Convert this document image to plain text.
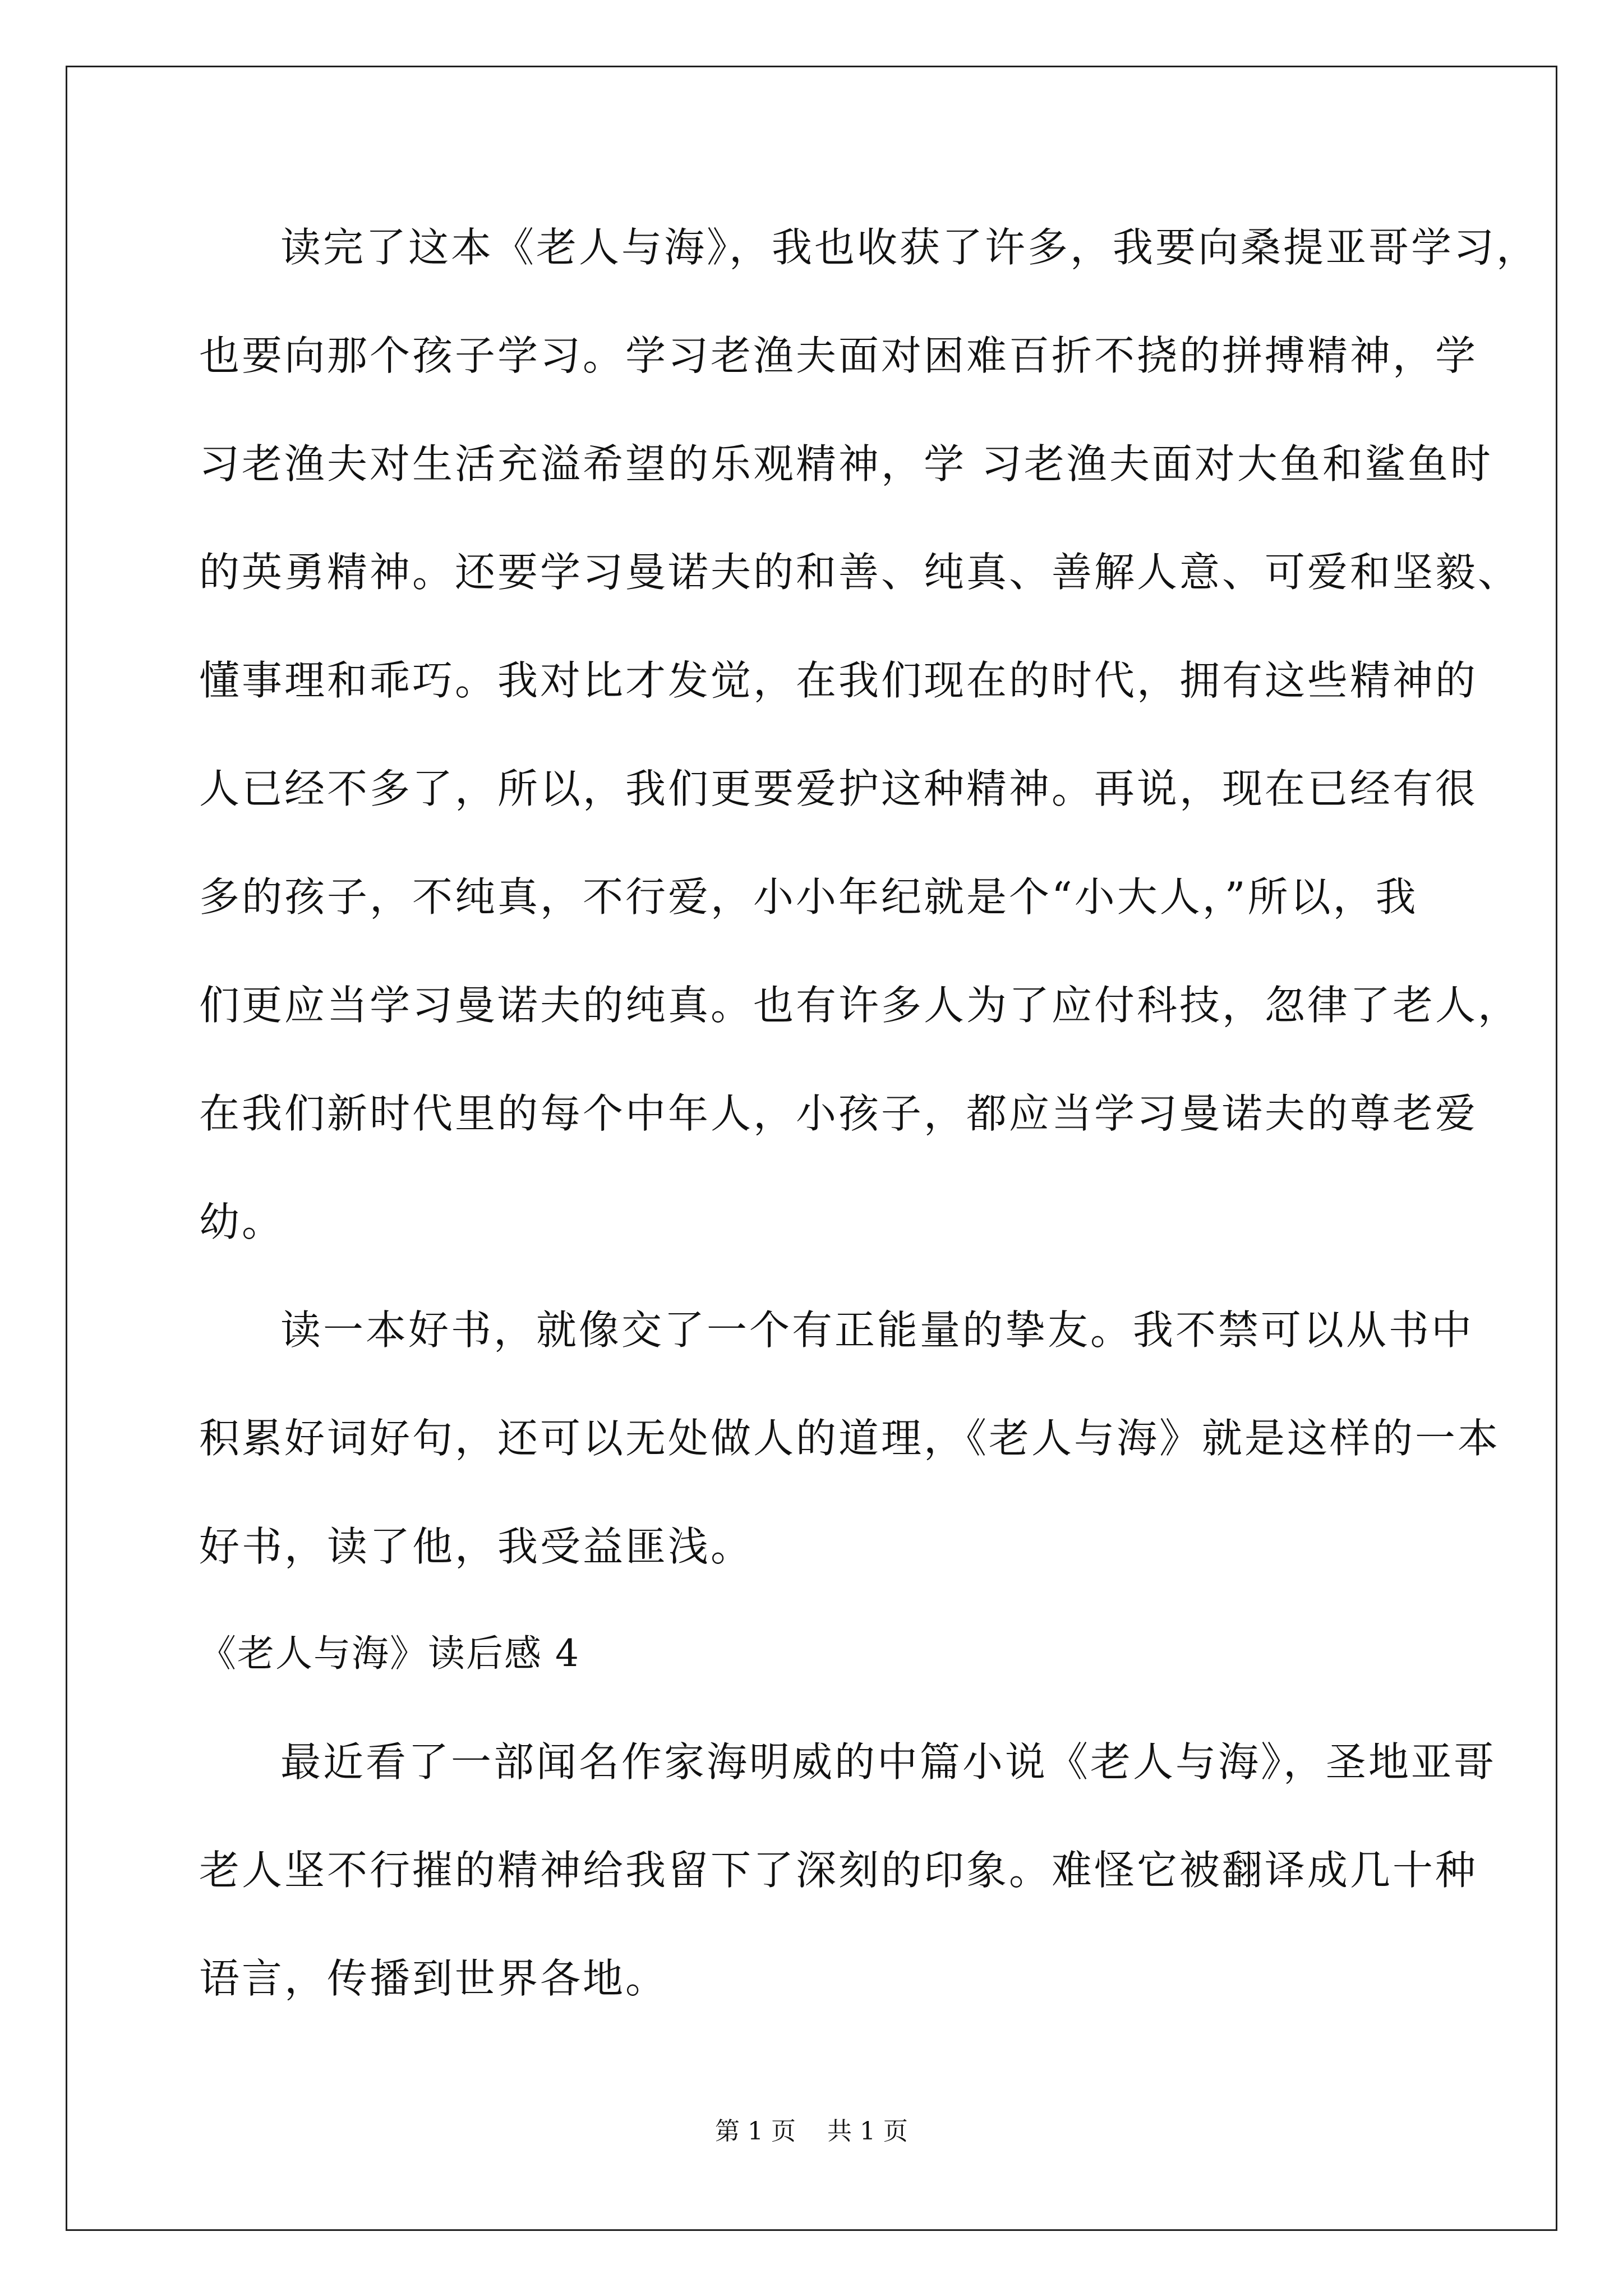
读完了这本《老人与海》，我也收获了许多，我要向桑提亚哥学习，
也要向那个孩子学习。学习老渔夫面对困难百折不挠的拼搏精神，学
习老渔夫对生活充溢希望的乐观精神，学 习老渔夫面对大鱼和鲨鱼时
的英勇精神。还要学习曼诺夫的和善、纯真、善解人意、可爱和坚毅、
懂事理和乖巧。我对比才发觉，在我们现在的时代，拥有这些精神的
人已经不多了，所以，我们更要爱护这种精神。再说，现在已经有很
多的孩子，不纯真，不行爱，小小年纪就是个“小大人，”所以，我
们更应当学习曼诺夫的纯真。也有许多人为了应付科技，忽律了老人，
在我们新时代里的每个中年人，小孩子，都应当学习曼诺夫的尊老爱
幼。
读一本好书，就像交了一个有正能量的挚友。我不禁可以从书中
积累好词好句，还可以无处做人的道理，《老人与海》就是这样的一本
好书，读了他，我受益匪浅。
《老人与海》读后感 4
最近看了一部闻名作家海明威的中篇小说《老人与海》，圣地亚哥
老人坚不行摧的精神给我留下了深刻的印象。难怪它被翻译成几十种
语言，传播到世界各地。
第 1 页    共 1 页
